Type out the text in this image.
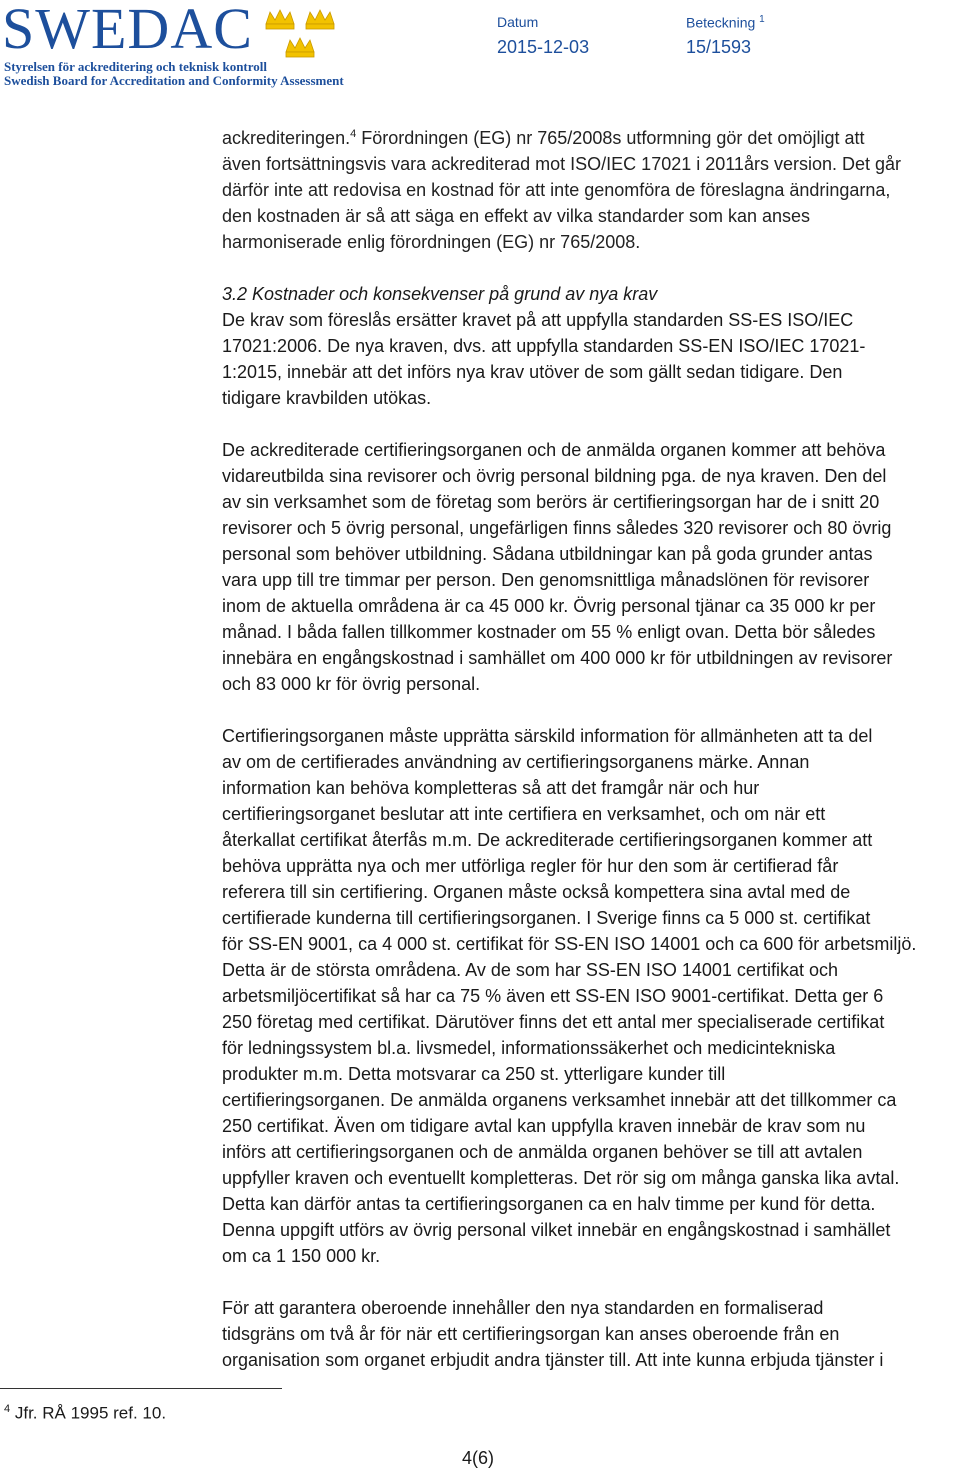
SWEDAC
Styrelsen för ackreditering och teknisk kontroll
Swedish Board for Accreditation and Conformity Assessment
Datum
2015-12-03
Beteckning $^1$
15/1593

ackrediteringen.$^4$ Förordningen (EG) nr 765/2008s utformning gör det omöjligt att
även fortsättningsvis vara ackrediterad mot ISO/IEC 17021 i 2011års version. Det går
därför inte att redovisa en kostnad för att inte genomföra de föreslagna ändringarna,
den kostnaden är så att säga en effekt av vilka standarder som kan anses
harmoniserade enlig förordningen (EG) nr 765/2008.

3.2 Kostnader och konsekvenser på grund av nya krav

De krav som föreslås ersätter kravet på att uppfylla standarden SS-ES ISO/IEC
17021:2006. De nya kraven, dvs. att uppfylla standarden SS-EN ISO/IEC 17021-
1:2015, innebär att det införs nya krav utöver de som gällt sedan tidigare. Den
tidigare kravbilden utökas.

De ackrediterade certifieringsorganen och de anmälda organen kommer att behöva
vidareutbilda sina revisorer och övrig personal bildning pga. de nya kraven. Den del
av sin verksamhet som de företag som berörs är certifieringsorgan har de i snitt 20
revisorer och 5 övrig personal, ungefärligen finns således 320 revisorer och 80 övrig
personal som behöver utbildning. Sådana utbildningar kan på goda grunder antas
vara upp till tre timmar per person. Den genomsnittliga månadslönen för revisorer
inom de aktuella områdena är ca 45 000 kr. Övrig personal tjänar ca 35 000 kr per
månad. I båda fallen tillkommer kostnader om 55 % enligt ovan. Detta bör således
innebära en engångskostnad i samhället om 400 000 kr för utbildningen av revisorer
och 83 000 kr för övrig personal.

Certifieringsorganen måste upprätta särskild information för allmänheten att ta del
av om de certifierades användning av certifieringsorganens märke. Annan
information kan behöva kompletteras så att det framgår när och hur
certifieringsorganet beslutar att inte certifiera en verksamhet, och om när ett
återkallat certifikat återfås m.m. De ackrediterade certifieringsorganen kommer att
behöva upprätta nya och mer utförliga regler för hur den som är certifierad får
referera till sin certifiering. Organen måste också kompettera sina avtal med de
certifierade kunderna till certifieringsorganen. I Sverige finns ca 5 000 st. certifikat
för SS-EN 9001, ca 4 000 st. certifikat för SS-EN ISO 14001 och ca 600 för arbetsmiljö.
Detta är de största områdena. Av de som har SS-EN ISO 14001 certifikat och
arbetsmiljöcertifikat så har ca 75 % även ett SS-EN ISO 9001-certifikat. Detta ger 6
250 företag med certifikat. Därutöver finns det ett antal mer specialiserade certifikat
för ledningssystem bl.a. livsmedel, informationssäkerhet och medicintekniska
produkter m.m. Detta motsvarar ca 250 st. ytterligare kunder till
certifieringsorganen. De anmälda organens verksamhet innebär att det tillkommer ca
250 certifikat. Även om tidigare avtal kan uppfylla kraven innebär de krav som nu
införs att certifieringsorganen och de anmälda organen behöver se till att avtalen
uppfyller kraven och eventuellt kompletteras. Det rör sig om många ganska lika avtal.
Detta kan därför antas ta certifieringsorganen ca en halv timme per kund för detta.
Denna uppgift utförs av övrig personal vilket innebär en engångskostnad i samhället
om ca 1 150 000 kr.

För att garantera oberoende innehåller den nya standarden en formaliserad
tidsgräns om två år för när ett certifieringsorgan kan anses oberoende från en
organisation som organet erbjudit andra tjänster till. Att inte kunna erbjuda tjänster i

$^4$ Jfr. RÅ 1995 ref. 10.
4(6)
